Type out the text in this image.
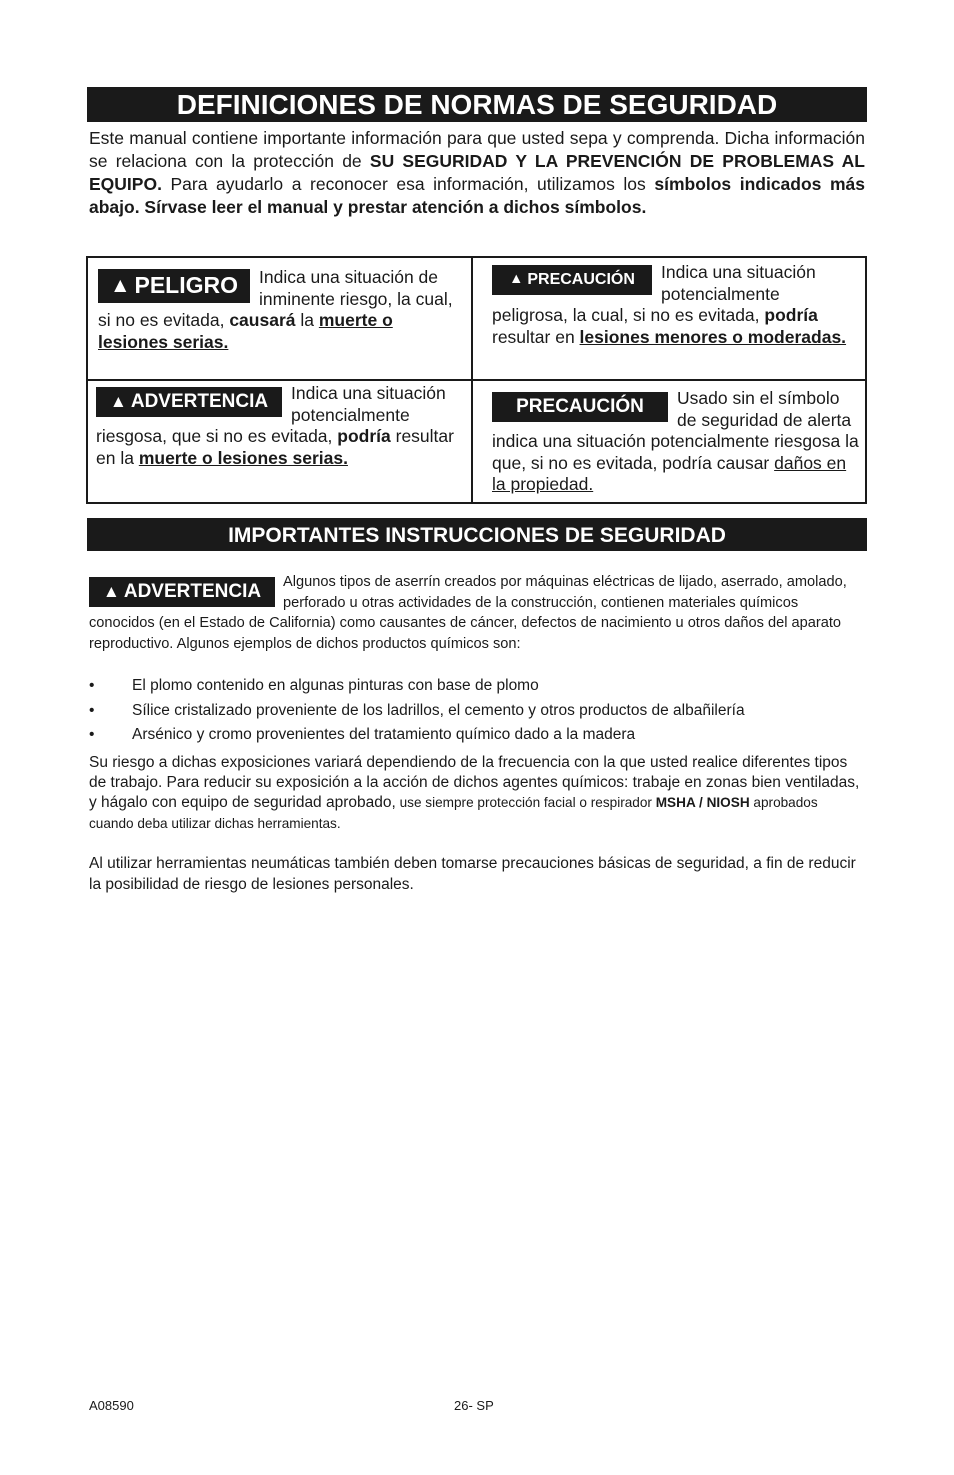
DEFINICIONES DE NORMAS DE SEGURIDAD

Este manual contiene importante información para que usted sepa y comprenda. Dicha información se relaciona con la protección de SU SEGURIDAD Y LA PREVENCIÓN DE PROBLEMAS AL EQUIPO. Para ayudarlo a reconocer esa información, utilizamos los símbolos indicados más abajo. Sírvase leer el manual y prestar atención a dichos símbolos.

▲ PELIGRO Indica una situación de inminente riesgo, la cual, si no es evitada, causará la muerte o lesiones serias.

▲ PRECAUCIÓN Indica una situación potencialmente peligrosa, la cual, si no es evitada, podría resultar en lesiones menores o moderadas.

▲ ADVERTENCIA Indica una situación potencialmente riesgosa, que si no es evitada, podría resultar en la muerte o lesiones serias.

PRECAUCIÓN Usado sin el símbolo de seguridad de alerta indica una situación potencialmente riesgosa la que, si no es evitada, podría causar daños en la propiedad.

IMPORTANTES INSTRUCCIONES DE SEGURIDAD

▲ ADVERTENCIA Algunos tipos de aserrín creados por máquinas eléctricas de lijado, aserrado, amolado, perforado u otras actividades de la construcción, contienen materiales químicos conocidos (en el Estado de California) como causantes de cáncer, defectos de nacimiento u otros daños del aparato reproductivo. Algunos ejemplos de dichos productos químicos son:

• El plomo contenido en algunas pinturas con base de plomo
• Sílice cristalizado proveniente de los ladrillos, el cemento y otros productos de albañilería
• Arsénico y cromo provenientes del tratamiento químico dado a la madera

Su riesgo a dichas exposiciones variará dependiendo de la frecuencia con la que usted realice diferentes tipos de trabajo. Para reducir su exposición a la acción de dichos agentes químicos: trabaje en zonas bien ventiladas, y hágalo con equipo de seguridad aprobado, use siempre protección facial o respirador MSHA / NIOSH aprobados cuando deba utilizar dichas herramientas.

Al utilizar herramientas neumáticas también deben tomarse precauciones básicas de seguridad, a fin de reducir la posibilidad de riesgo de lesiones personales.

A08590	26- SP
